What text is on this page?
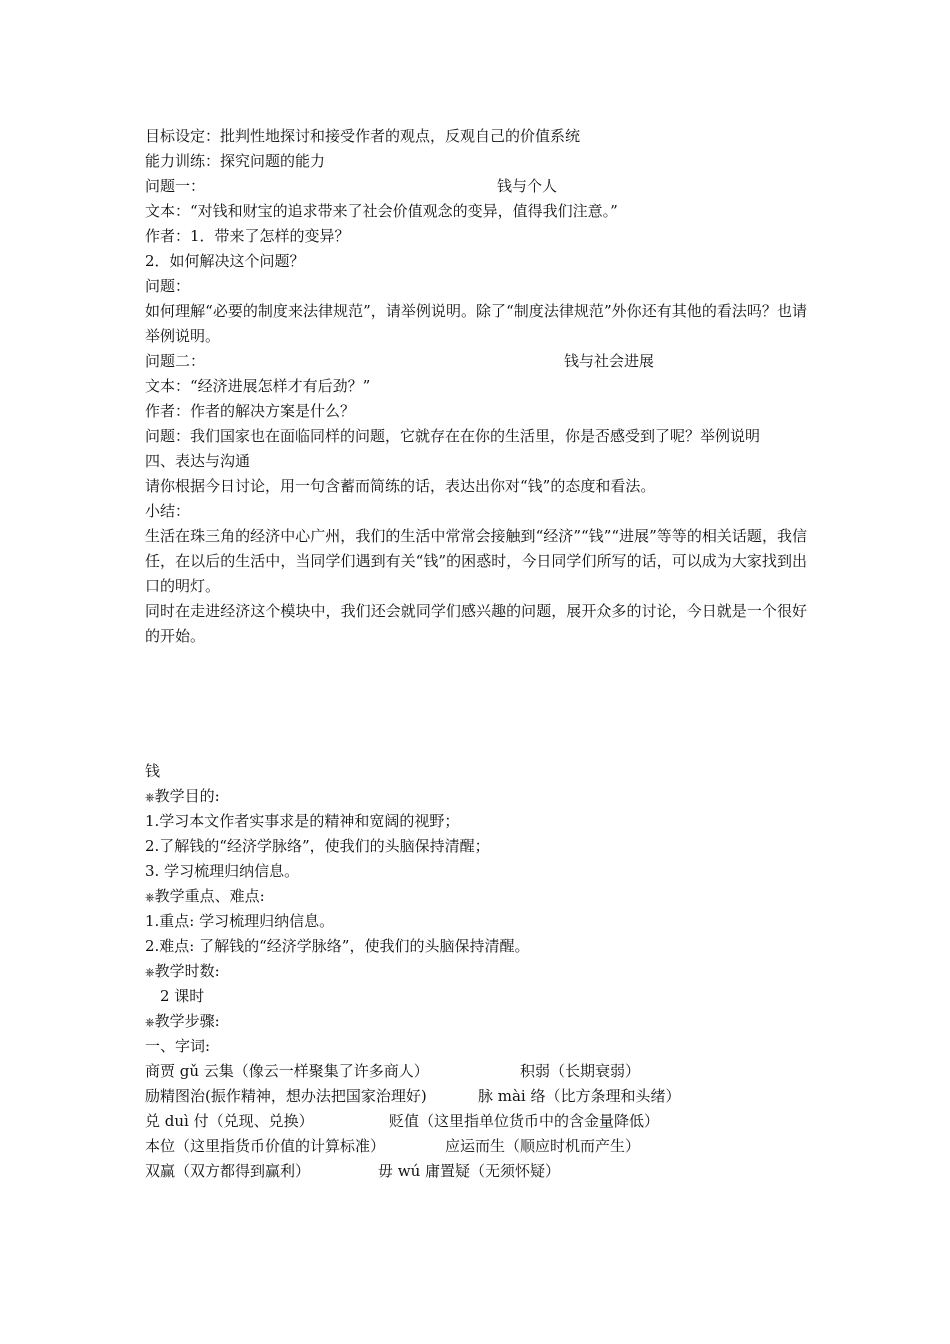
目标设定：批判性地探讨和接受作者的观点，反观自己的价值系统
能力训练：探究问题的能力
问题一：	钱与个人
文本：“对钱和财宝的追求带来了社会价值观念的变异，值得我们注意。”
作者：1．带来了怎样的变异？
2．如何解决这个问题？
问题：
如何理解“必要的制度来法律规范”，请举例说明。除了“制度法律规范”外你还有其他的看法吗？也请举例说明。
问题二：	钱与社会进展
文本：“经济进展怎样才有后劲？”
作者：作者的解决方案是什么？
问题：我们国家也在面临同样的问题，它就存在在你的生活里，你是否感受到了呢？举例说明
四、表达与沟通
请你根据今日讨论，用一句含蓄而简练的话，表达出你对“钱”的态度和看法。
小结：
生活在珠三角的经济中心广州，我们的生活中常常会接触到“经济”“钱”“进展”等等的相关话题，我信任，在以后的生活中，当同学们遇到有关“钱”的困惑时，今日同学们所写的话，可以成为大家找到出口的明灯。
同时在走进经济这个模块中，我们还会就同学们感兴趣的问题，展开众多的讨论，今日就是一个很好的开始。
钱
⎈教学目的:
1.学习本文作者实事求是的精神和宽阔的视野；
2.了解钱的“经济学脉络”，使我们的头脑保持清醒；
3. 学习梳理归纳信息。
⎈教学重点、难点:
1.重点: 学习梳理归纳信息。
2.难点: 了解钱的“经济学脉络”，使我们的头脑保持清醒。
⎈教学时数:
2 课时
⎈教学步骤:
一、字词:
商贾 gǔ 云集（像云一样聚集了许多商人）	积弱（长期衰弱）
励精图治(振作精神，想办法把国家治理好)	脉 mài 络（比方条理和头绪）
兑 duì 付（兑现、兑换）	贬值（这里指单位货币中的含金量降低）
本位（这里指货币价值的计算标准）	应运而生（顺应时机而产生）
双赢（双方都得到赢利）	毋 wú 庸置疑（无须怀疑）
